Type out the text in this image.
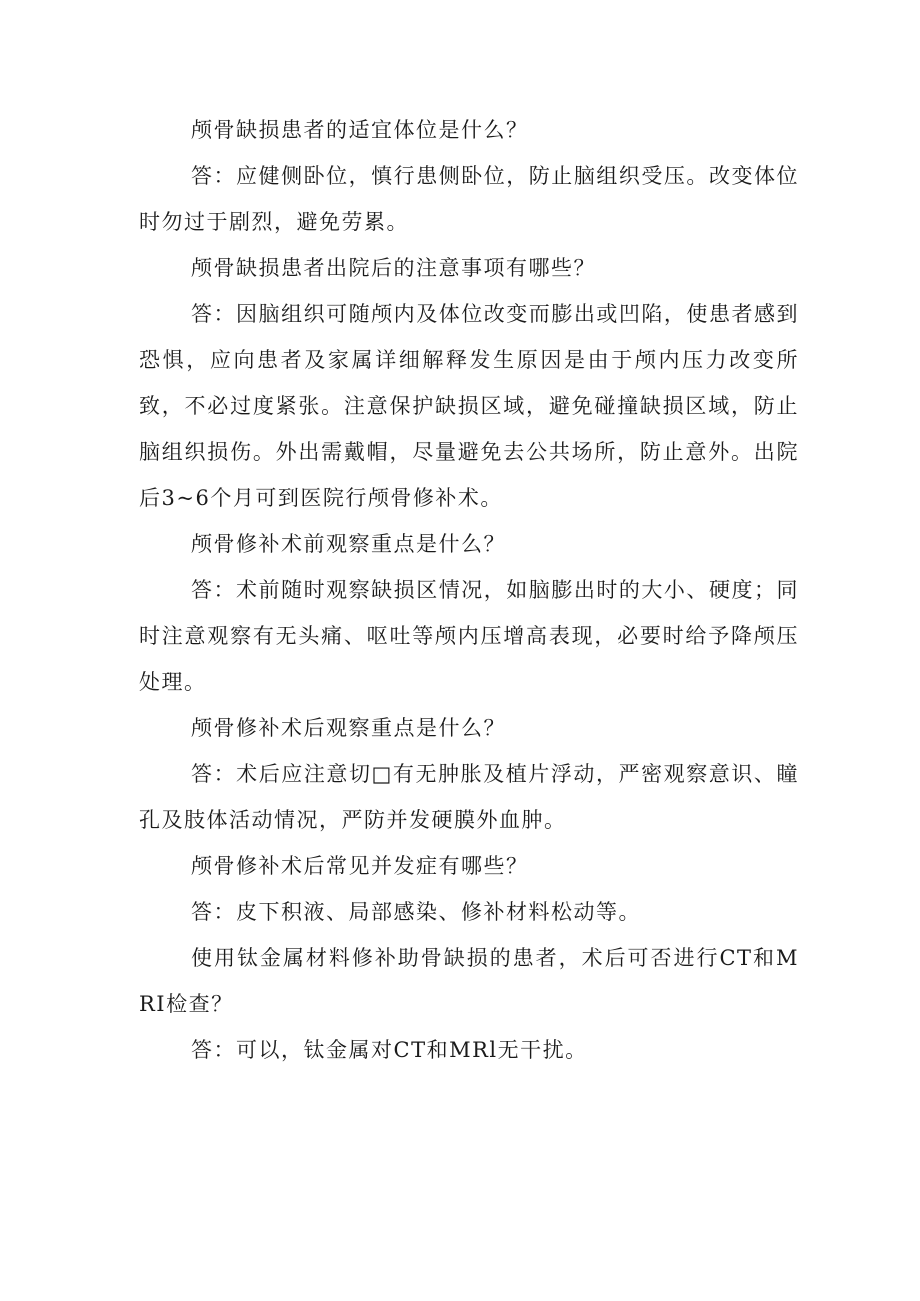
颅骨缺损患者的适宜体位是什么？

答：应健侧卧位，慎行患侧卧位，防止脑组织受压。改变体位时勿过于剧烈，避免劳累。

颅骨缺损患者出院后的注意事项有哪些？

答：因脑组织可随颅内及体位改变而膨出或凹陷，使患者感到恐惧，应向患者及家属详细解释发生原因是由于颅内压力改变所致，不必过度紧张。注意保护缺损区域，避免碰撞缺损区域，防止脑组织损伤。外出需戴帽，尽量避免去公共场所，防止意外。出院后3~6个月可到医院行颅骨修补术。

颅骨修补术前观察重点是什么？

答：术前随时观察缺损区情况，如脑膨出时的大小、硬度；同时注意观察有无头痛、呕吐等颅内压增高表现，必要时给予降颅压处理。

颅骨修补术后观察重点是什么？

答：术后应注意切□有无肿胀及植片浮动，严密观察意识、瞳孔及肢体活动情况，严防并发硬膜外血肿。

颅骨修补术后常见并发症有哪些？

答：皮下积液、局部感染、修补材料松动等。

使用钛金属材料修补助骨缺损的患者，术后可否进行CT和MRI检查？

答：可以，钛金属对CT和MRl无干扰。
